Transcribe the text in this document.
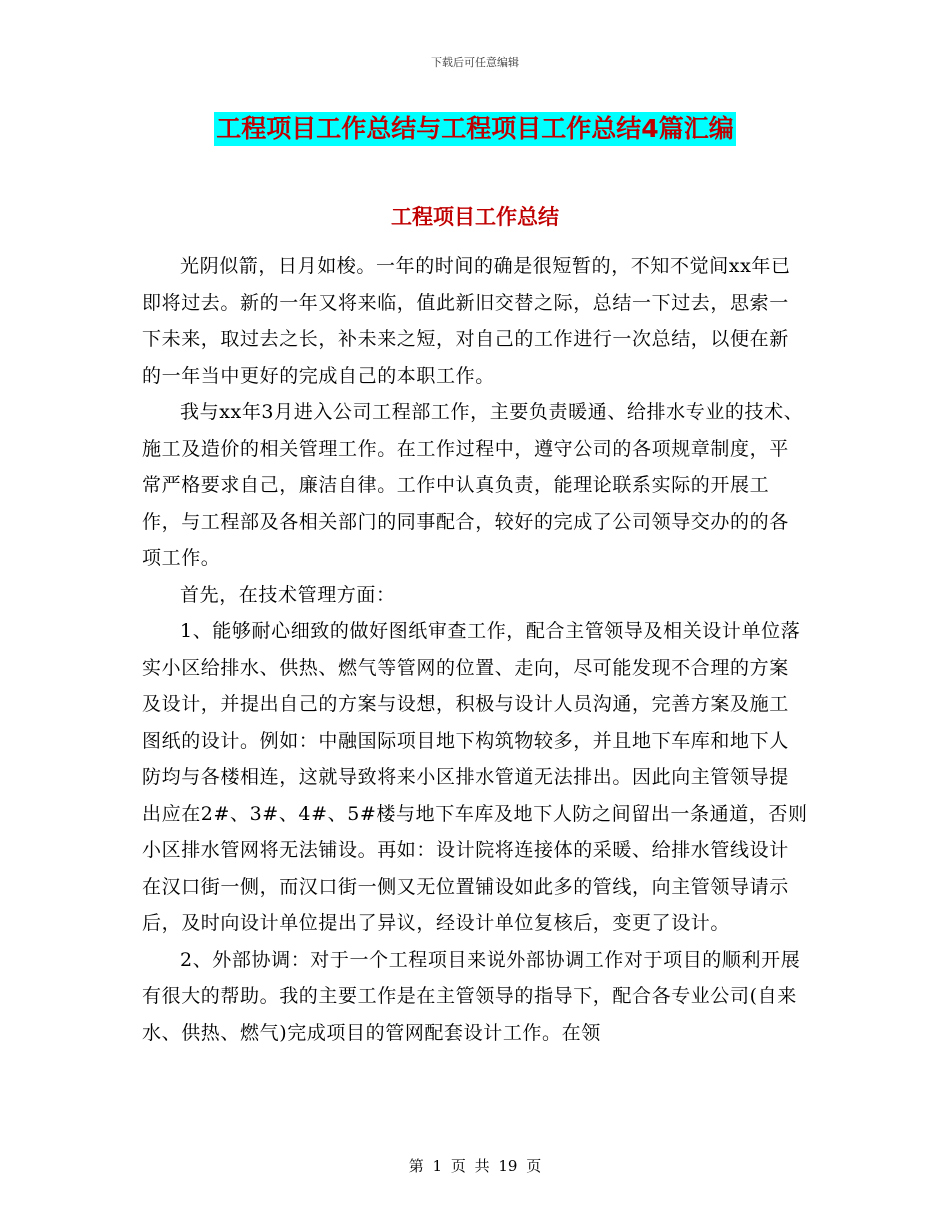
下载后可任意编辑
工程项目工作总结与工程项目工作总结4篇汇编
工程项目工作总结

光阴似箭，日月如梭。一年的时间的确是很短暂的，不知不觉间xx年已即将过去。新的一年又将来临，值此新旧交替之际，总结一下过去，思索一下未来，取过去之长，补未来之短，对自己的工作进行一次总结，以便在新的一年当中更好的完成自己的本职工作。

我与xx年3月进入公司工程部工作，主要负责暖通、给排水专业的技术、施工及造价的相关管理工作。在工作过程中，遵守公司的各项规章制度，平常严格要求自己，廉洁自律。工作中认真负责，能理论联系实际的开展工作，与工程部及各相关部门的同事配合，较好的完成了公司领导交办的的各项工作。

首先，在技术管理方面：

1、能够耐心细致的做好图纸审查工作，配合主管领导及相关设计单位落实小区给排水、供热、燃气等管网的位置、走向，尽可能发现不合理的方案及设计，并提出自己的方案与设想，积极与设计人员沟通，完善方案及施工图纸的设计。例如：中融国际项目地下构筑物较多，并且地下车库和地下人防均与各楼相连，这就导致将来小区排水管道无法排出。因此向主管领导提出应在2#、3#、4#、5#楼与地下车库及地下人防之间留出一条通道，否则小区排水管网将无法铺设。再如：设计院将连接体的采暖、给排水管线设计在汉口街一侧，而汉口街一侧又无位置铺设如此多的管线，向主管领导请示后，及时向设计单位提出了异议，经设计单位复核后，变更了设计。

2、外部协调：对于一个工程项目来说外部协调工作对于项目的顺利开展有很大的帮助。我的主要工作是在主管领导的指导下，配合各专业公司(自来水、供热、燃气)完成项目的管网配套设计工作。在领

第 1 页 共 19 页
